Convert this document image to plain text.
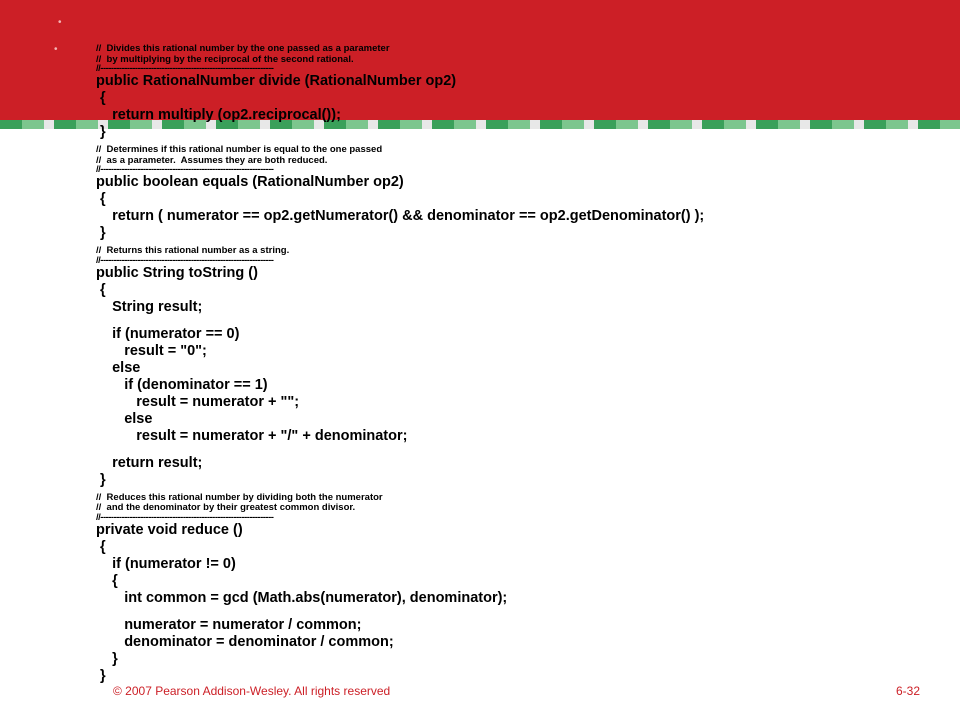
•
•	//  Divides this rational number by the one passed as a parameter
//  by multiplying by the reciprocal of the second rational.
//-----------------------------------------------------------------
public RationalNumber divide (RationalNumber op2)
{
return multiply (op2.reciprocal());
}
//  Determines if this rational number is equal to the one passed
//  as a parameter.  Assumes they are both reduced.
//-----------------------------------------------------------------
public boolean equals (RationalNumber op2)
{
return ( numerator == op2.getNumerator() && denominator == op2.getDenominator() );
}
//  Returns this rational number as a string.
//-----------------------------------------------------------------
public String toString ()
{
String result;
if (numerator == 0)
result = "0";
else
if (denominator == 1)
result = numerator + "";
else
result = numerator + "/" + denominator;
return result;
}
//  Reduces this rational number by dividing both the numerator
//  and the denominator by their greatest common divisor.
//-----------------------------------------------------------------
private void reduce ()
{
if (numerator != 0)
{
int common = gcd (Math.abs(numerator), denominator);
numerator = numerator / common;
denominator = denominator / common;
}
}
© 2007 Pearson Addison-Wesley. All rights reserved	6-32
